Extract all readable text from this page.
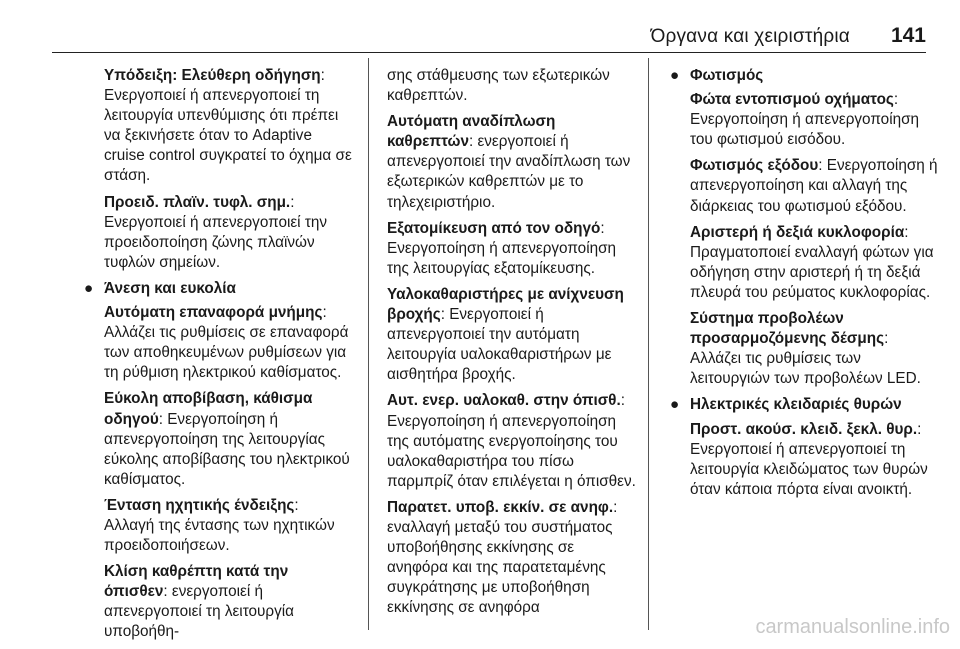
Όργανα και χειριστήρια 141

Υπόδειξη: Ελεύθερη οδήγηση: Ενεργοποιεί ή απενεργοποιεί τη λειτουργία υπενθύμισης ότι πρέπει να ξεκινήσετε όταν το Adaptive cruise control συγκρατεί το όχημα σε στάση.

Προειδ. πλαϊν. τυφλ. σημ.: Ενεργοποιεί ή απενεργοποιεί την προειδοποίηση ζώνης πλαϊνών τυφλών σημείων.

● Άνεση και ευκολία

Αυτόματη επαναφορά μνήμης: Αλλάζει τις ρυθμίσεις σε επαναφορά των αποθηκευμένων ρυθμίσεων για τη ρύθμιση ηλεκτρικού καθίσματος.

Εύκολη αποβίβαση, κάθισμα οδηγού: Ενεργοποίηση ή απενεργοποίηση της λειτουργίας εύκολης αποβίβασης του ηλεκτρικού καθίσματος.

Ένταση ηχητικής ένδειξης: Αλλαγή της έντασης των ηχητικών προειδοποιήσεων.

Κλίση καθρέπτη κατά την όπισθεν: ενεργοποιεί ή απενεργοποιεί τη λειτουργία υποβοήθη-

σης στάθμευσης των εξωτερικών καθρεπτών.

Αυτόματη αναδίπλωση καθρεπτών: ενεργοποιεί ή απενεργοποιεί την αναδίπλωση των εξωτερικών καθρεπτών με το τηλεχειριστήριο.

Εξατομίκευση από τον οδηγό: Ενεργοποίηση ή απενεργοποίηση της λειτουργίας εξατομίκευσης.

Υαλοκαθαριστήρες με ανίχνευση βροχής: Ενεργοποιεί ή απενεργοποιεί την αυτόματη λειτουργία υαλοκαθαριστήρων με αισθητήρα βροχής.

Αυτ. ενερ. υαλοκαθ. στην όπισθ.: Ενεργοποίηση ή απενεργοποίηση της αυτόματης ενεργοποίησης του υαλοκαθαριστήρα του πίσω παρμπρίζ όταν επιλέγεται η όπισθεν.

Παρατετ. υποβ. εκκίν. σε ανηφ.: εναλλαγή μεταξύ του συστήματος υποβοήθησης εκκίνησης σε ανηφόρα και της παρατεταμένης συγκράτησης με υποβοήθηση εκκίνησης σε ανηφόρα

● Φωτισμός

Φώτα εντοπισμού οχήματος: Ενεργοποίηση ή απενεργοποίηση του φωτισμού εισόδου.

Φωτισμός εξόδου: Ενεργοποίηση ή απενεργοποίηση και αλλαγή της διάρκειας του φωτισμού εξόδου.

Αριστερή ή δεξιά κυκλοφορία: Πραγματοποιεί εναλλαγή φώτων για οδήγηση στην αριστερή ή τη δεξιά πλευρά του ρεύματος κυκλοφορίας.

Σύστημα προβολέων προσαρμοζόμενης δέσμης: Αλλάζει τις ρυθμίσεις των λειτουργιών των προβολέων LED.

● Ηλεκτρικές κλειδαριές θυρών

Προστ. ακούσ. κλειδ. ξεκλ. θυρ.: Ενεργοποιεί ή απενεργοποιεί τη λειτουργία κλειδώματος των θυρών όταν κάποια πόρτα είναι ανοικτή.

carmanualsonline.info
